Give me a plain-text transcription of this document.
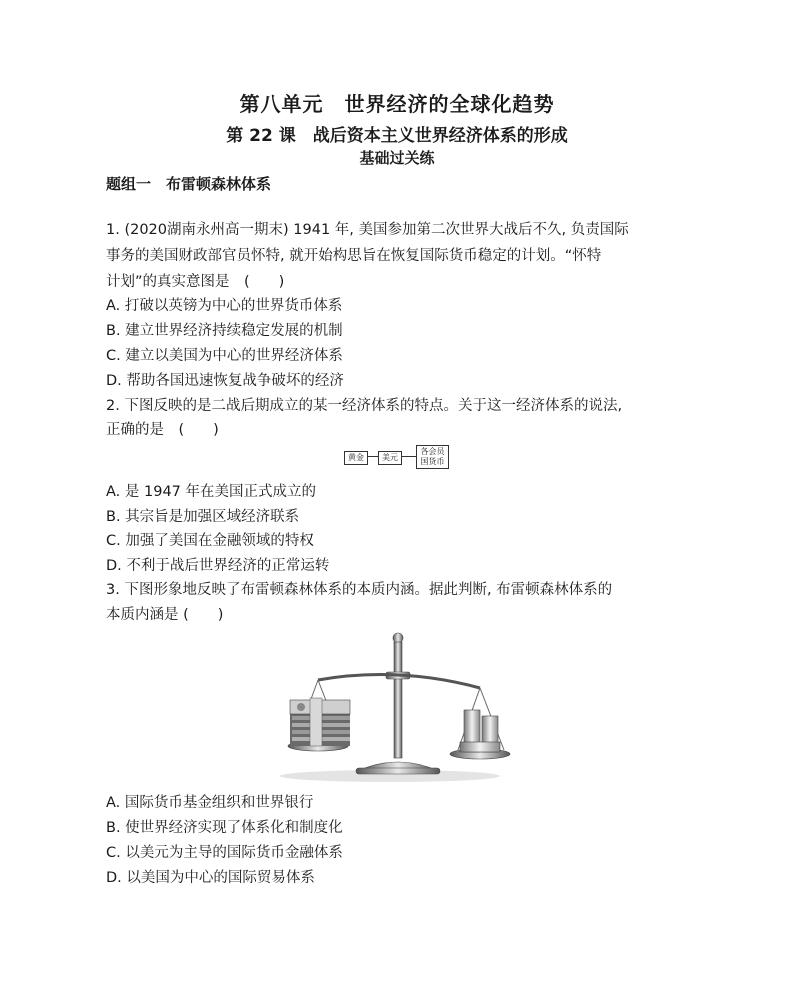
第八单元　世界经济的全球化趋势
第 22 课　战后资本主义世界经济体系的形成
基础过关练
题组一　布雷顿森林体系
1. (2020湖南永州高一期末) 1941 年, 美国参加第二次世界大战后不久, 负责国际
事务的美国财政部官员怀特, 就开始构思旨在恢复国际货币稳定的计划。“怀特
计划”的真实意图是　(　　)
A. 打破以英镑为中心的世界货币体系
B. 建立世界经济持续稳定发展的机制
C. 建立以美国为中心的世界经济体系
D. 帮助各国迅速恢复战争破坏的经济
2. 下图反映的是二战后期成立的某一经济体系的特点。关于这一经济体系的说法,
正确的是　(　　)
黄金	美元
各会员
国货币
A. 是 1947 年在美国正式成立的
B. 其宗旨是加强区域经济联系
C. 加强了美国在金融领域的特权
D. 不利于战后世界经济的正常运转
3. 下图形象地反映了布雷顿森林体系的本质内涵。据此判断, 布雷顿森林体系的
本质内涵是 (　　)
A. 国际货币基金组织和世界银行
B. 使世界经济实现了体系化和制度化
C. 以美元为主导的国际货币金融体系
D. 以美国为中心的国际贸易体系
